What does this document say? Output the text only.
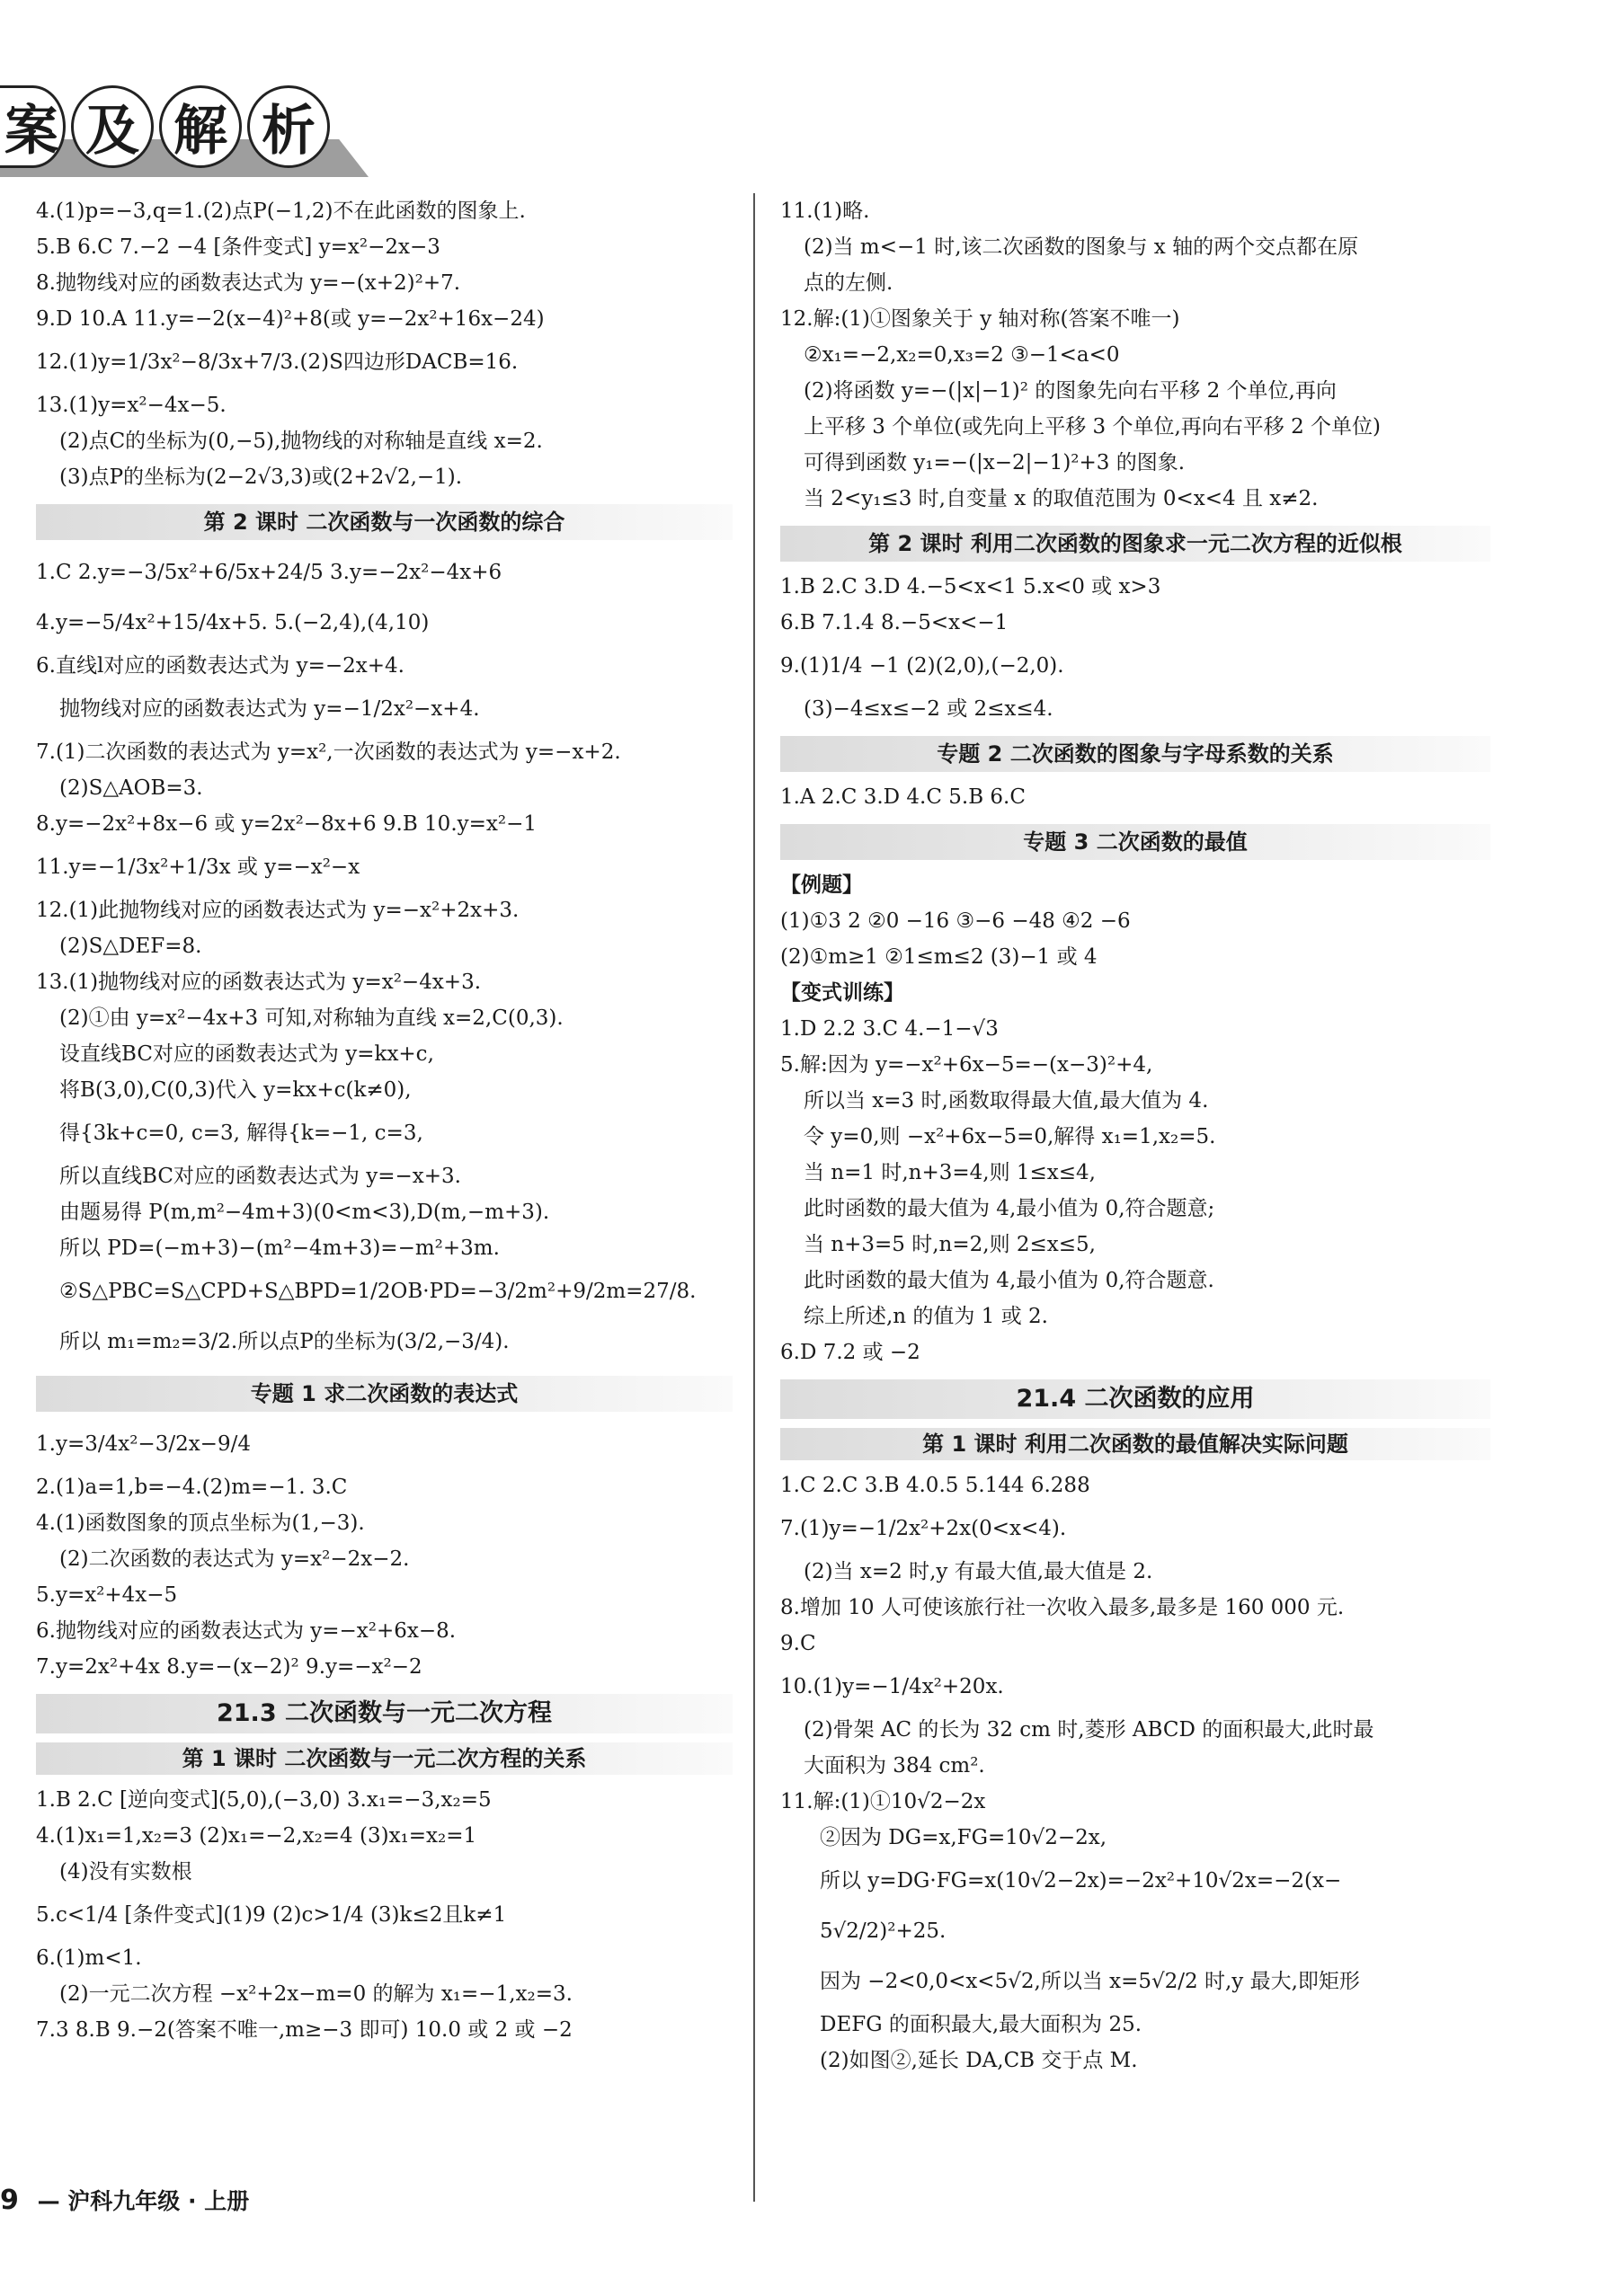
案 及 解 析
4.(1)p=−3,q=1.(2)点P(−1,2)不在此函数的图象上.
5.B 6.C 7.−2 −4 [条件变式] y=x²−2x−3
8.抛物线对应的函数表达式为 y=−(x+2)²+7.
9.D 10.A 11.y=−2(x−4)²+8(或 y=−2x²+16x−24)
12.(1)y=1/3x²−8/3x+7/3.(2)S四边形DACB=16.
13.(1)y=x²−4x−5.
(2)点C的坐标为(0,−5),抛物线的对称轴是直线 x=2.
(3)点P的坐标为(2−2√3,3)或(2+2√2,−1).
第 2 课时 二次函数与一次函数的综合
1.C 2.y=−3/5x²+6/5x+24/5 3.y=−2x²−4x+6
4.y=−5/4x²+15/4x+5. 5.(−2,4),(4,10)
6.直线l对应的函数表达式为 y=−2x+4.
抛物线对应的函数表达式为 y=−1/2x²−x+4.
7.(1)二次函数的表达式为 y=x²,一次函数的表达式为 y=−x+2.
(2)S△AOB=3.
8.y=−2x²+8x−6 或 y=2x²−8x+6 9.B 10.y=x²−1
11.y=−1/3x²+1/3x 或 y=−x²−x
12.(1)此抛物线对应的函数表达式为 y=−x²+2x+3.
(2)S△DEF=8.
13.(1)抛物线对应的函数表达式为 y=x²−4x+3.
(2)①由 y=x²−4x+3 可知,对称轴为直线 x=2,C(0,3).
设直线BC对应的函数表达式为 y=kx+c,
将B(3,0),C(0,3)代入 y=kx+c(k≠0),
得{3k+c=0, c=3, 解得{k=−1, c=3,
所以直线BC对应的函数表达式为 y=−x+3.
由题易得 P(m,m²−4m+3)(0<m<3),D(m,−m+3).
所以 PD=(−m+3)−(m²−4m+3)=−m²+3m.
②S△PBC=S△CPD+S△BPD=1/2OB·PD=−3/2m²+9/2m=27/8.
所以 m₁=m₂=3/2.所以点P的坐标为(3/2,−3/4).
专题 1 求二次函数的表达式
1.y=3/4x²−3/2x−9/4
2.(1)a=1,b=−4.(2)m=−1. 3.C
4.(1)函数图象的顶点坐标为(1,−3).
(2)二次函数的表达式为 y=x²−2x−2.
5.y=x²+4x−5
6.抛物线对应的函数表达式为 y=−x²+6x−8.
7.y=2x²+4x 8.y=−(x−2)² 9.y=−x²−2
21.3 二次函数与一元二次方程
第 1 课时 二次函数与一元二次方程的关系
1.B 2.C [逆向变式](5,0),(−3,0) 3.x₁=−3,x₂=5
4.(1)x₁=1,x₂=3 (2)x₁=−2,x₂=4 (3)x₁=x₂=1
(4)没有实数根
5.c<1/4 [条件变式](1)9 (2)c>1/4 (3)k≤2且k≠1
6.(1)m<1.
(2)一元二次方程 −x²+2x−m=0 的解为 x₁=−1,x₂=3.
7.3 8.B 9.−2(答案不唯一,m≥−3 即可) 10.0 或 2 或 −2
11.(1)略.
(2)当 m<−1 时,该二次函数的图象与 x 轴的两个交点都在原
点的左侧.
12.解:(1)①图象关于 y 轴对称(答案不唯一)
②x₁=−2,x₂=0,x₃=2 ③−1<a<0
(2)将函数 y=−(|x|−1)² 的图象先向右平移 2 个单位,再向
上平移 3 个单位(或先向上平移 3 个单位,再向右平移 2 个单位)
可得到函数 y₁=−(|x−2|−1)²+3 的图象.
当 2<y₁≤3 时,自变量 x 的取值范围为 0<x<4 且 x≠2.
第 2 课时 利用二次函数的图象求一元二次方程的近似根
1.B 2.C 3.D 4.−5<x<1 5.x<0 或 x>3
6.B 7.1.4 8.−5<x<−1
9.(1)1/4 −1 (2)(2,0),(−2,0).
(3)−4≤x≤−2 或 2≤x≤4.
专题 2 二次函数的图象与字母系数的关系
1.A 2.C 3.D 4.C 5.B 6.C
专题 3 二次函数的最值
【例题】
(1)①3 2 ②0 −16 ③−6 −48 ④2 −6
(2)①m≥1 ②1≤m≤2 (3)−1 或 4
【变式训练】
1.D 2.2 3.C 4.−1−√3
5.解:因为 y=−x²+6x−5=−(x−3)²+4,
所以当 x=3 时,函数取得最大值,最大值为 4.
令 y=0,则 −x²+6x−5=0,解得 x₁=1,x₂=5.
当 n=1 时,n+3=4,则 1≤x≤4,
此时函数的最大值为 4,最小值为 0,符合题意;
当 n+3=5 时,n=2,则 2≤x≤5,
此时函数的最大值为 4,最小值为 0,符合题意.
综上所述,n 的值为 1 或 2.
6.D 7.2 或 −2
21.4 二次函数的应用
第 1 课时 利用二次函数的最值解决实际问题
1.C 2.C 3.B 4.0.5 5.144 6.288
7.(1)y=−1/2x²+2x(0<x<4).
(2)当 x=2 时,y 有最大值,最大值是 2.
8.增加 10 人可使该旅行社一次收入最多,最多是 160 000 元.
9.C
10.(1)y=−1/4x²+20x.
(2)骨架 AC 的长为 32 cm 时,菱形 ABCD 的面积最大,此时最
大面积为 384 cm².
11.解:(1)①10√2−2x
②因为 DG=x,FG=10√2−2x,
所以 y=DG·FG=x(10√2−2x)=−2x²+10√2x=−2(x−
5√2/2)²+25.
因为 −2<0,0<x<5√2,所以当 x=5√2/2 时,y 最大,即矩形
DEFG 的面积最大,最大面积为 25.
(2)如图②,延长 DA,CB 交于点 M.
9 — 沪科九年级 · 上册
